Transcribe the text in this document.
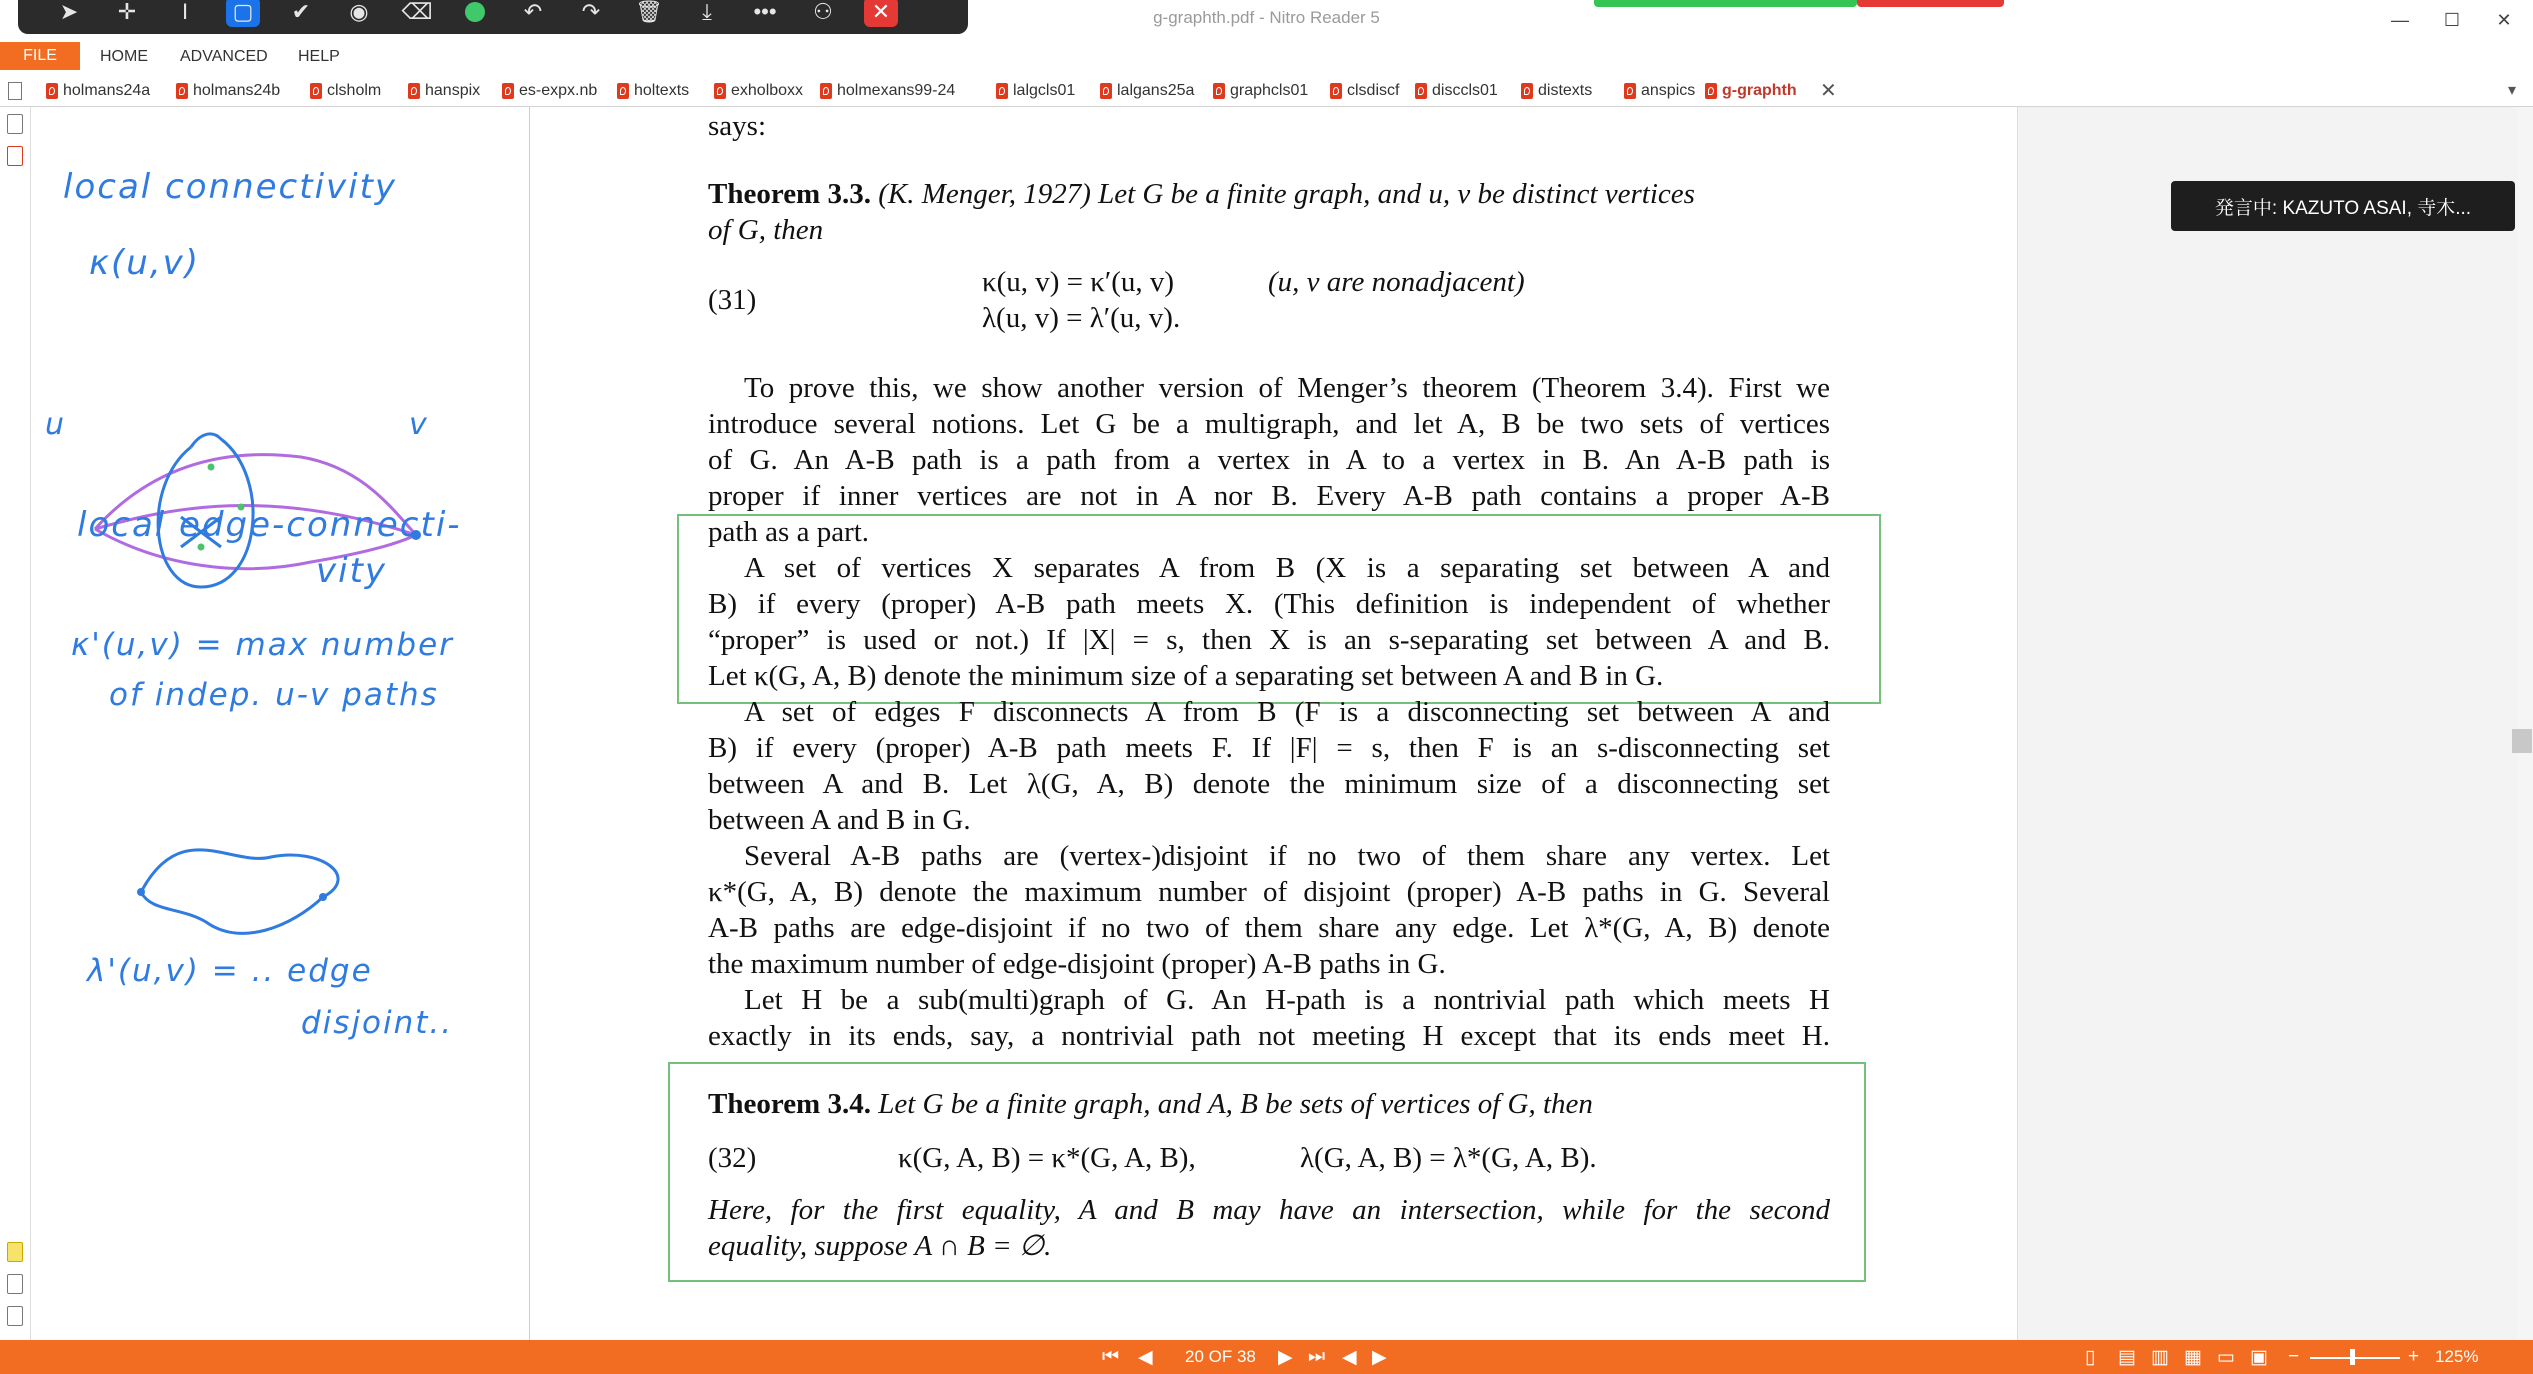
g-graphth.pdf - Nitro Reader 5	—	☐	✕
➤	✛	I	▢	✔	◉	⌫	↶	↷	🗑	⤓	•••	⚇	✕
FILE	HOME ADVANCED HELP
holmans24a	holmans24b	clsholm	hanspix es-expx.nb holtexts	exholboxx holmexans99-24	lalgcls01	lalgans25a graphcls01 clsdiscf disccls01	distexts	anspics g-graphth ✕	▾
local connectivity
κ(u,v)
u	v
local edge-connecti-
vity
κ'(u,v) = max number
of indep. u-v paths
λ'(u,v) = .. edge
disjoint..
says:
Theorem 3.3. (K. Menger, 1927) Let G be a finite graph, and u, v be distinct vertices
of G, then
(31)
κ(u, v) = κ′(u, v)	(u, v are nonadjacent)
λ(u, v) = λ′(u, v).
To prove this, we show another version of Menger’s theorem (Theorem 3.4). First we
introduce several notions. Let G be a multigraph, and let A, B be two sets of vertices
of G. An A-B path is a path from a vertex in A to a vertex in B. An A-B path is
proper if inner vertices are not in A nor B. Every A-B path contains a proper A-B
path as a part.
A set of vertices X separates A from B (X is a separating set between A and
B) if every (proper) A-B path meets X. (This definition is independent of whether
“proper” is used or not.) If |X| = s, then X is an s-separating set between A and B.
Let κ(G, A, B) denote the minimum size of a separating set between A and B in G.
A set of edges F disconnects A from B (F is a disconnecting set between A and
B) if every (proper) A-B path meets F. If |F| = s, then F is an s-disconnecting set
between A and B. Let λ(G, A, B) denote the minimum size of a disconnecting set
between A and B in G.
Several A-B paths are (vertex-)disjoint if no two of them share any vertex. Let
κ*(G, A, B) denote the maximum number of disjoint (proper) A-B paths in G. Several
A-B paths are edge-disjoint if no two of them share any edge. Let λ*(G, A, B) denote
the maximum number of edge-disjoint (proper) A-B paths in G.
Let H be a sub(multi)graph of G. An H-path is a nontrivial path which meets H
exactly in its ends, say, a nontrivial path not meeting H except that its ends meet H.
Theorem 3.4. Let G be a finite graph, and A, B be sets of vertices of G, then
(32)	κ(G, A, B) = κ*(G, A, B),	λ(G, A, B) = λ*(G, A, B).
Here, for the first equality, A and B may have an intersection, while for the second
equality, suppose A ∩ B = ∅.
発言中: KAZUTO ASAI, 寺木...
⏮ ◀ 20 OF 38 ▶ ⏭ ◀ ▶	▯ ▤ ▥ ▦ ▭ ▣ −	+ 125%
